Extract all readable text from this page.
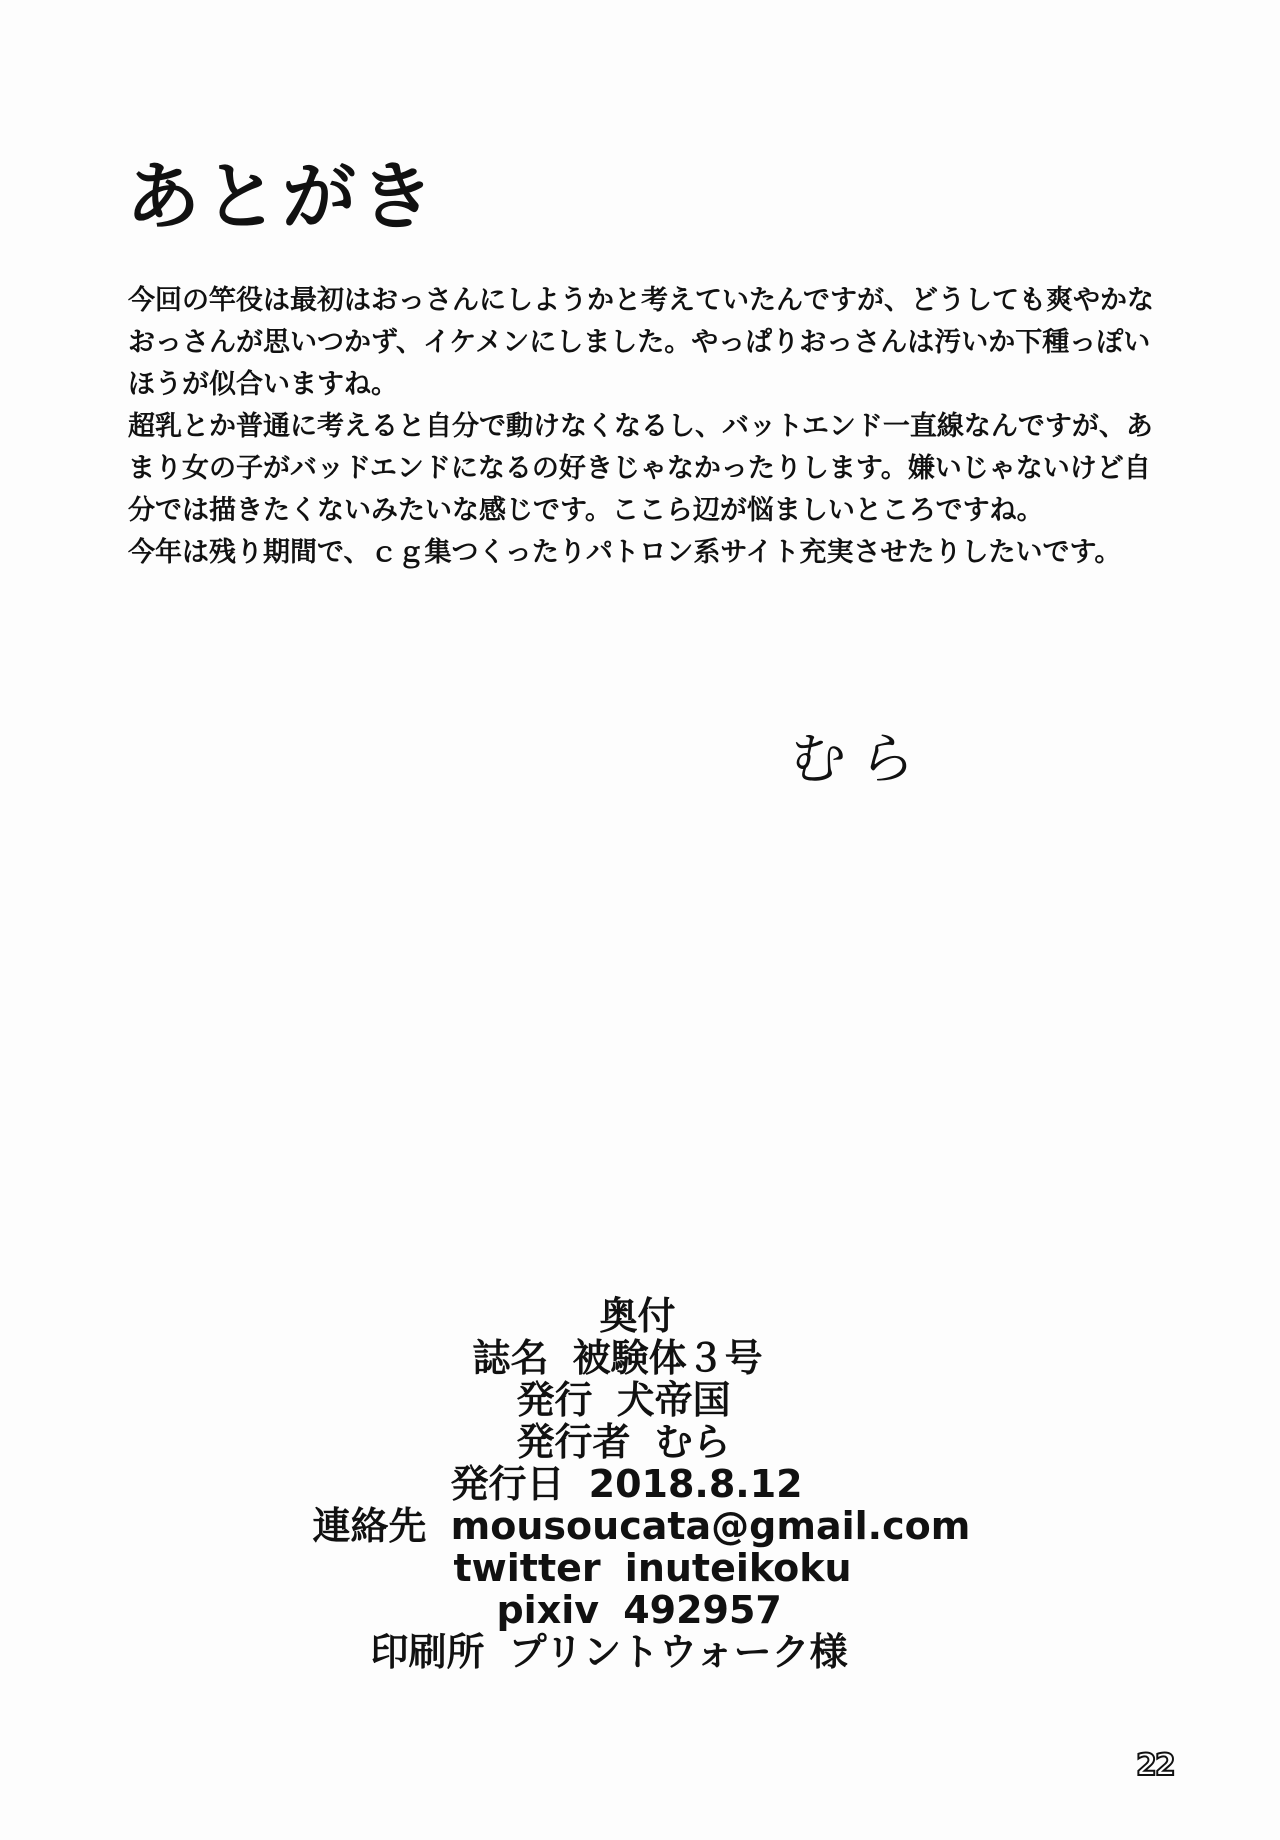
あとがき

今回の竿役は最初はおっさんにしようかと考えていたんですが、どうしても爽やかなおっさんが思いつかず、イケメンにしました。やっぱりおっさんは汚いか下種っぽいほうが似合いますね。

超乳とか普通に考えると自分で動けなくなるし、バットエンド一直線なんですが、あまり女の子がバッドエンドになるの好きじゃなかったりします。嫌いじゃないけど自分では描きたくないみたいな感じです。ここら辺が悩ましいところですね。

今年は残り期間で、ｃｇ集つくったりパトロン系サイト充実させたりしたいです。

むら

奥付

誌名 被験体３号

発行 犬帝国

発行者 むら

発行日 2018.8.12

連絡先 mousoucata@gmail.com

twitter inuteikoku

pixiv 492957

印刷所 プリントウォーク様

22
